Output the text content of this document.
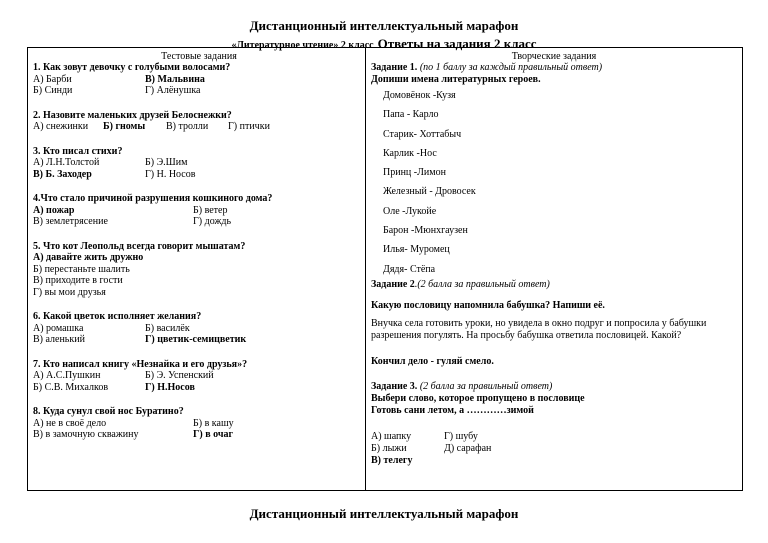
Дистанционный интеллектуальный марафон
«Литературное чтение» 2 класс Ответы на задания 2 класс
Тестовые задания
1. Как зовут девочку с голубыми волосами?
А) Барби	В) Мальвина
Б) Синди	Г) Алёнушка
2. Назовите маленьких друзей Белоснежки?
А) снежинки	Б) гномы	В) тролли	Г) птички
3. Кто писал стихи?
А) Л.Н.Толстой	Б) Э.Шим
В) Б. Заходер	Г) Н. Носов
4.Что стало причиной разрушения кошкиного дома?
А) пожар	Б) ветер
В) землетрясение	Г) дождь
5. Что кот Леопольд всегда говорит мышатам?
А) давайте жить дружно
Б) перестаньте шалить
В) приходите в гости
Г) вы мои друзья
6. Какой цветок исполняет желания?
А) ромашка	Б) василёк
В) аленький	Г) цветик-семицветик
7. Кто написал книгу «Незнайка и его друзья»?
А) А.С.Пушкин	Б) Э. Успенский
Б) С.В. Михалков	Г) Н.Носов
8. Куда сунул свой нос Буратино?
А) не в своё дело	Б) в кашу
В) в замочную скважину	Г) в очаг
Творческие задания
Задание 1. (по 1 баллу за каждый правильный ответ)
Допиши имена литературных героев.
Домовёнок -Кузя
Папа - Карло
Старик- Хоттабыч
Карлик -Нос
Принц -Лимон
Железный - Дровосек
Оле -Лукойе
Барон -Мюнхгаузен
Илья- Муромец
Дядя- Стёпа
Задание 2.(2 балла за правильный ответ)
Какую пословицу напомнила бабушка? Напиши её.
Внучка села готовить уроки, но увидела в окно подруг и попросила у бабушки разрешения погулять. На просьбу бабушка ответила пословицей. Какой?
Кончил дело - гуляй смело.
Задание 3. (2 балла за правильный ответ)
Выбери слово, которое пропущено в пословице
Готовь сани летом, а …………зимой
А) шапку	Г) шубу
Б) лыжи	Д) сарафан
В) телегу
Дистанционный интеллектуальный марафон
